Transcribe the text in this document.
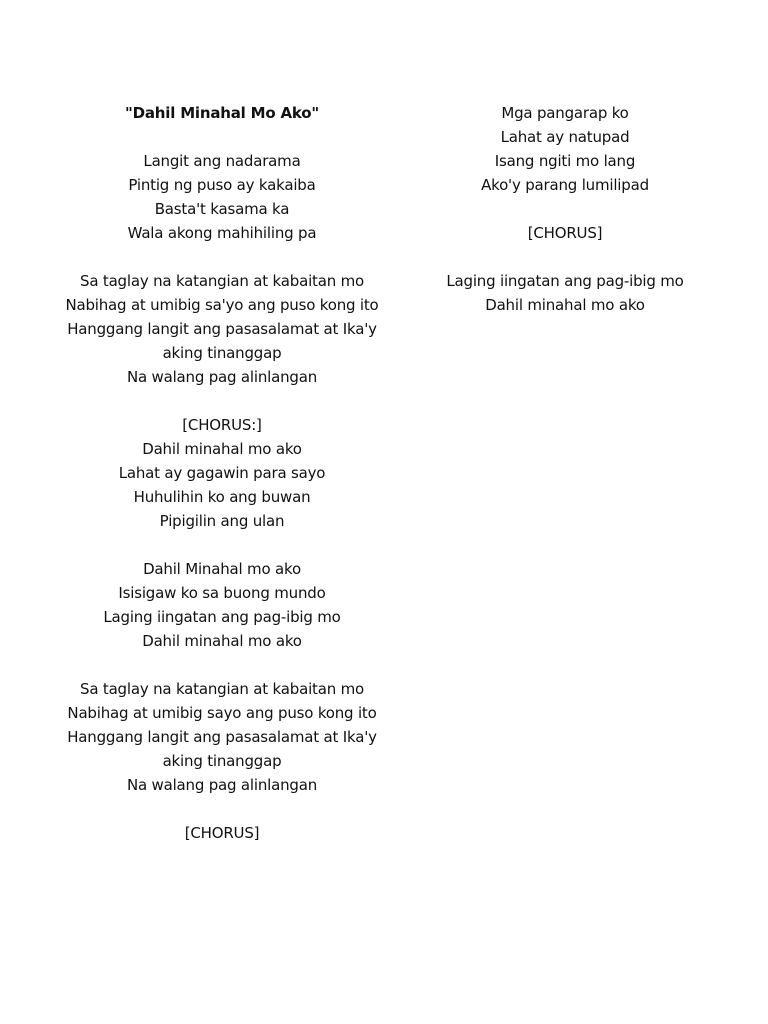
"Dahil Minahal Mo Ako"
Langit ang nadarama
Pintig ng puso ay kakaiba
Basta't kasama ka
Wala akong mahihiling pa
Sa taglay na katangian at kabaitan mo
Nabihag at umibig sa'yo ang puso kong ito
Hanggang langit ang pasasalamat at Ika'y aking tinanggap
Na walang pag alinlangan
[CHORUS:]
Dahil minahal mo ako
Lahat ay gagawin para sayo
Huhulihin ko ang buwan
Pipigilin ang ulan
Dahil Minahal mo ako
Isisigaw ko sa buong mundo
Laging iingatan ang pag-ibig mo
Dahil minahal mo ako
Sa taglay na katangian at kabaitan mo
Nabihag at umibig sayo ang puso kong ito
Hanggang langit ang pasasalamat at Ika'y aking tinanggap
Na walang pag alinlangan
[CHORUS]
Mga pangarap ko
Lahat ay natupad
Isang ngiti mo lang
Ako'y parang lumilipad
[CHORUS]
Laging iingatan ang pag-ibig mo
Dahil minahal mo ako
